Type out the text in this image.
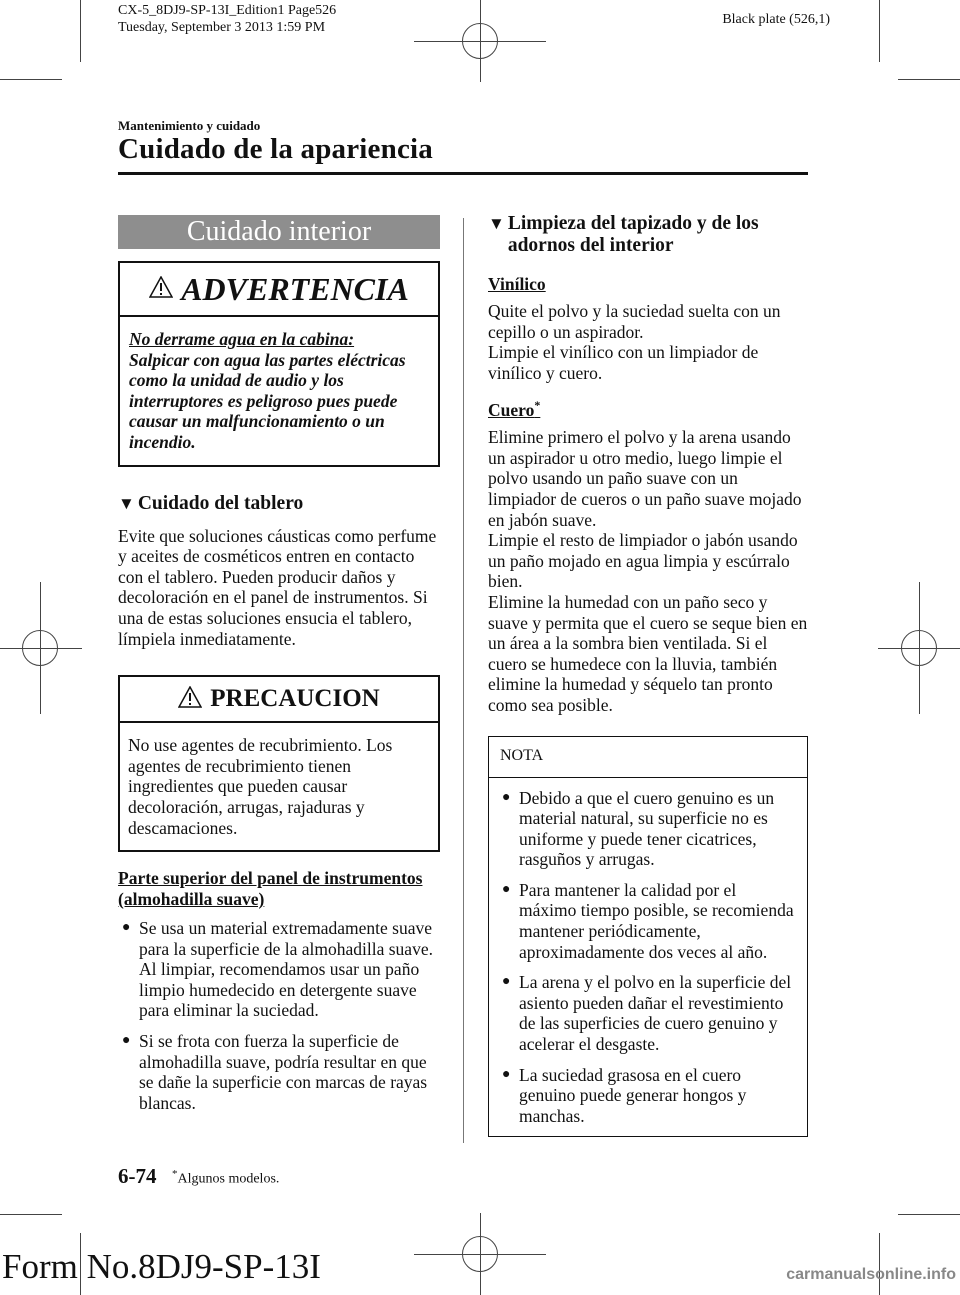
CX-5_8DJ9-SP-13I_Edition1 Page526
Tuesday, September 3 2013 1:59 PM
Black plate (526,1)
Mantenimiento y cuidado
Cuidado de la apariencia
Cuidado interior
ADVERTENCIA
No derrame agua en la cabina:
Salpicar con agua las partes eléctricas como la unidad de audio y los interruptores es peligroso pues puede causar un malfuncionamiento o un incendio.
▼ Cuidado del tablero

Evite que soluciones cáusticas como perfume y aceites de cosméticos entren en contacto con el tablero. Pueden producir daños y decoloración en el panel de instrumentos. Si una de estas soluciones ensucia el tablero, límpiela inmediatamente.

PRECAUCION
No use agentes de recubrimiento. Los agentes de recubrimiento tienen ingredientes que pueden causar decoloración, arrugas, rajaduras y descamaciones.
Parte superior del panel de instrumentos (almohadilla suave)
● Se usa un material extremadamente suave para la superficie de la almohadilla suave. Al limpiar, recomendamos usar un paño limpio humedecido en detergente suave para eliminar la suciedad.
● Si se frota con fuerza la superficie de almohadilla suave, podría resultar en que se dañe la superficie con marcas de rayas blancas.
▼ Limpieza del tapizado y de los adornos del interior
Vinílico

Quite el polvo y la suciedad suelta con un cepillo o un aspirador.

Limpie el vinílico con un limpiador de vinílico y cuero.

Cuero*

Elimine primero el polvo y la arena usando un aspirador u otro medio, luego limpie el polvo usando un paño suave con un limpiador de cueros o un paño suave mojado en jabón suave.

Limpie el resto de limpiador o jabón usando un paño mojado en agua limpia y escúrralo bien.

Elimine la humedad con un paño seco y suave y permita que el cuero se seque bien en un área a la sombra bien ventilada. Si el cuero se humedece con la lluvia, también elimine la humedad y séquelo tan pronto como sea posible.

NOTA
● Debido a que el cuero genuino es un material natural, su superficie no es uniforme y puede tener cicatrices, rasguños y arrugas.
● Para mantener la calidad por el máximo tiempo posible, se recomienda mantener periódicamente, aproximadamente dos veces al año.
● La arena y el polvo en la superficie del asiento pueden dañar el revestimiento de las superficies de cuero genuino y acelerar el desgaste.
● La suciedad grasosa en el cuero genuino puede generar hongos y manchas.
6-74 *Algunos modelos.
Form No.8DJ9-SP-13I	carmanualsonline.info
